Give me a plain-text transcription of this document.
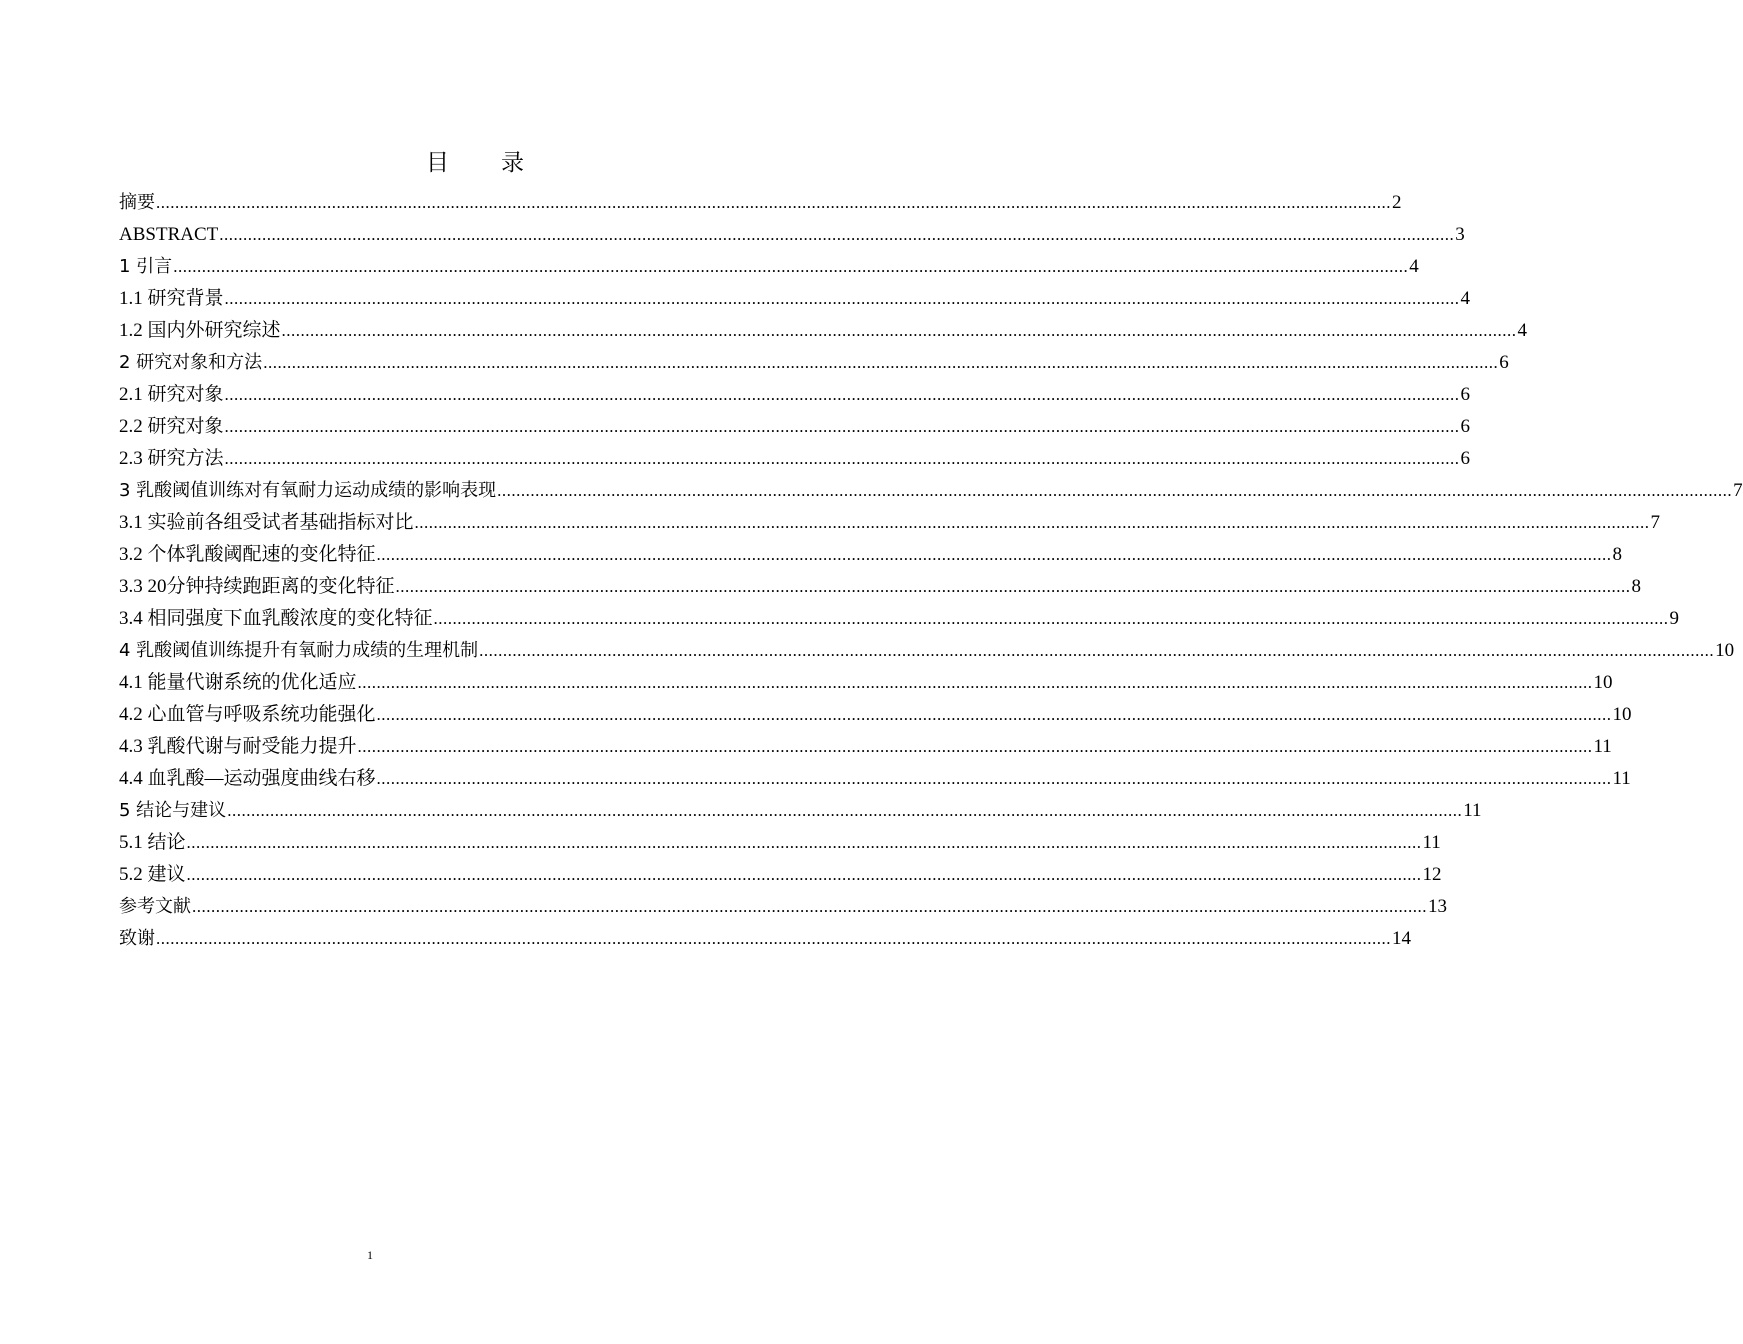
目 录
摘要 .................................................................................................................................................................................................................................................................... 2
ABSTRACT .................................................................................................................................................................................................................................................................... 3
1 引言 .................................................................................................................................................................................................................................................................... 4
1.1 研究背景 .................................................................................................................................................................................................................................................................... 4
1.2 国内外研究综述 .................................................................................................................................................................................................................................................................... 4
2 研究对象和方法 .................................................................................................................................................................................................................................................................... 6
2.1 研究对象 .................................................................................................................................................................................................................................................................... 6
2.2 研究对象 .................................................................................................................................................................................................................................................................... 6
2.3 研究方法 .................................................................................................................................................................................................................................................................... 6
3 乳酸阈值训练对有氧耐力运动成绩的影响表现 .................................................................................................................................................................................................................................................................... 7
3.1 实验前各组受试者基础指标对比 .................................................................................................................................................................................................................................................................... 7
3.2 个体乳酸阈配速的变化特征 .................................................................................................................................................................................................................................................................... 8
3.3 20分钟持续跑距离的变化特征 .................................................................................................................................................................................................................................................................... 8
3.4 相同强度下血乳酸浓度的变化特征 .................................................................................................................................................................................................................................................................... 9
4 乳酸阈值训练提升有氧耐力成绩的生理机制 .................................................................................................................................................................................................................................................................... 10
4.1 能量代谢系统的优化适应 .................................................................................................................................................................................................................................................................... 10
4.2 心血管与呼吸系统功能强化 .................................................................................................................................................................................................................................................................... 10
4.3 乳酸代谢与耐受能力提升 .................................................................................................................................................................................................................................................................... 11
4.4 血乳酸—运动强度曲线右移 .................................................................................................................................................................................................................................................................... 11
5 结论与建议 .................................................................................................................................................................................................................................................................... 11
5.1 结论 .................................................................................................................................................................................................................................................................... 11
5.2 建议 .................................................................................................................................................................................................................................................................... 12
参考文献 .................................................................................................................................................................................................................................................................... 13
致谢 .................................................................................................................................................................................................................................................................... 14
1
